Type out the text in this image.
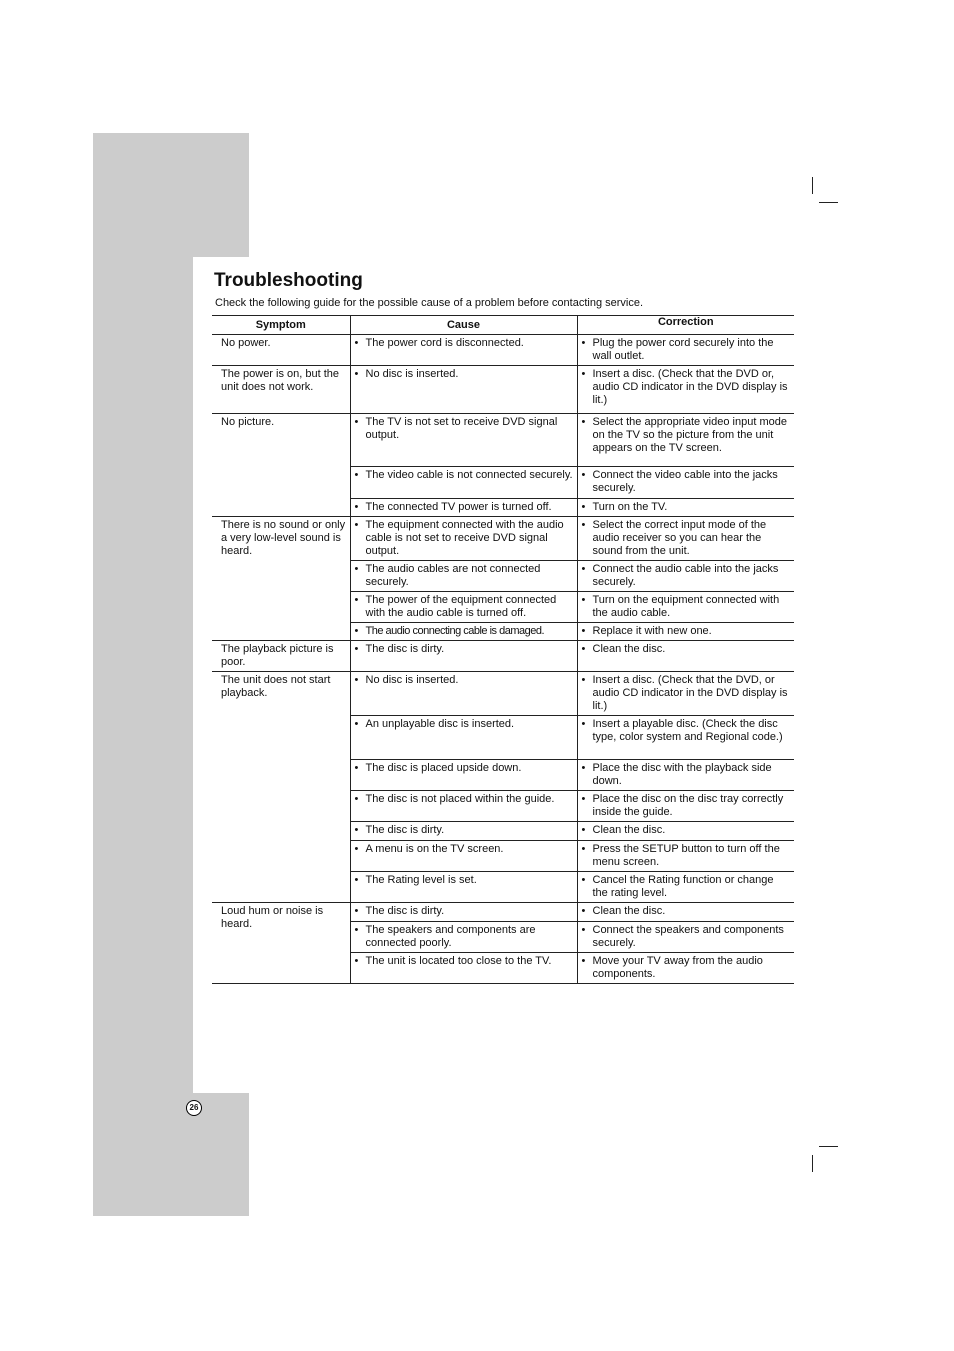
Troubleshooting
Check the following guide for the possible cause of a problem before contacting service.
Symptom	Cause	Correction
No power.	• The power cord is disconnected.	• Plug the power cord securely into the wall outlet.
The power is on, but the unit does not work.	• No disc is inserted.	• Insert a disc. (Check that the DVD or, audio CD indicator in the DVD display is lit.)
No picture.	• The TV is not set to receive DVD signal output.	• Select the appropriate video input mode on the TV so the picture from the unit appears on the TV screen.

	• The video cable is not connected securely.	• Connect the video cable into the jacks securely.

	• The connected TV power is turned off.	• Turn on the TV.
There is no sound or only a very low-level sound is heard.	• The equipment connected with the audio cable is not set to receive DVD signal output.	• Select the correct input mode of the audio receiver so you can hear the sound from the unit.

	• The audio cables are not connected securely.	• Connect the audio cable into the jacks securely.

	• The power of the equipment connected with the audio cable is turned off.	• Turn on the equipment connected with the audio cable.

	• The audio connecting cable is damaged.	• Replace it with new one.
The playback picture is poor.	• The disc is dirty.	• Clean the disc.
The unit does not start playback.	• No disc is inserted.	• Insert a disc. (Check that the DVD, or audio CD indicator in the DVD display is lit.)

	• An unplayable disc is inserted.	• Insert a playable disc. (Check the disc type, color system and Regional code.)

	• The disc is placed upside down.	• Place the disc with the playback side down.

	• The disc is not placed within the guide.	• Place the disc on the disc tray correctly inside the guide.

	• The disc is dirty.	• Clean the disc.

	• A menu is on the TV screen.	• Press the SETUP button to turn off the menu screen.

	• The Rating level is set.	• Cancel the Rating function or change the rating level.
Loud hum or noise is heard.	• The disc is dirty.	• Clean the disc.

	• The speakers and components are connected poorly.	• Connect the speakers and components securely.

	• The unit is located too close to the TV.	• Move your TV away from the audio components.
26
